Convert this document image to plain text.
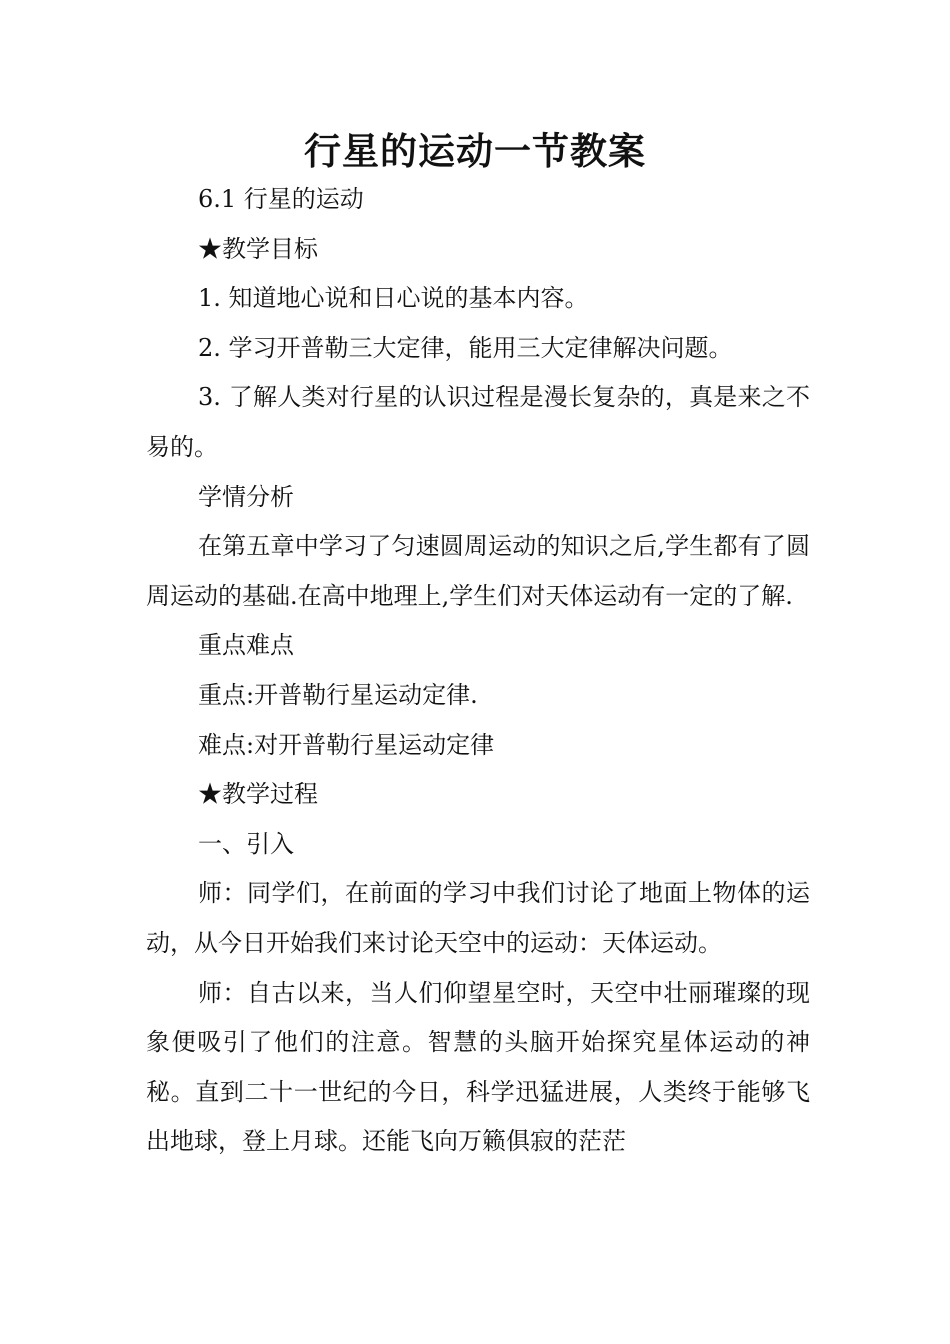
行星的运动一节教案

6.1 行星的运动

★教学目标

1. 知道地心说和日心说的基本内容。

2. 学习开普勒三大定律，能用三大定律解决问题。

3. 了解人类对行星的认识过程是漫长复杂的，真是来之不易的。

学情分析

在第五章中学习了匀速圆周运动的知识之后,学生都有了圆周运动的基础.在高中地理上,学生们对天体运动有一定的了解.

重点难点

重点:开普勒行星运动定律.

难点:对开普勒行星运动定律

★教学过程

一、引入

师：同学们，在前面的学习中我们讨论了地面上物体的运动，从今日开始我们来讨论天空中的运动：天体运动。

师：自古以来，当人们仰望星空时，天空中壮丽璀璨的现象便吸引了他们的注意。智慧的头脑开始探究星体运动的神秘。直到二十一世纪的今日，科学迅猛进展，人类终于能够飞出地球，登上月球。还能飞向万籁俱寂的茫茫
